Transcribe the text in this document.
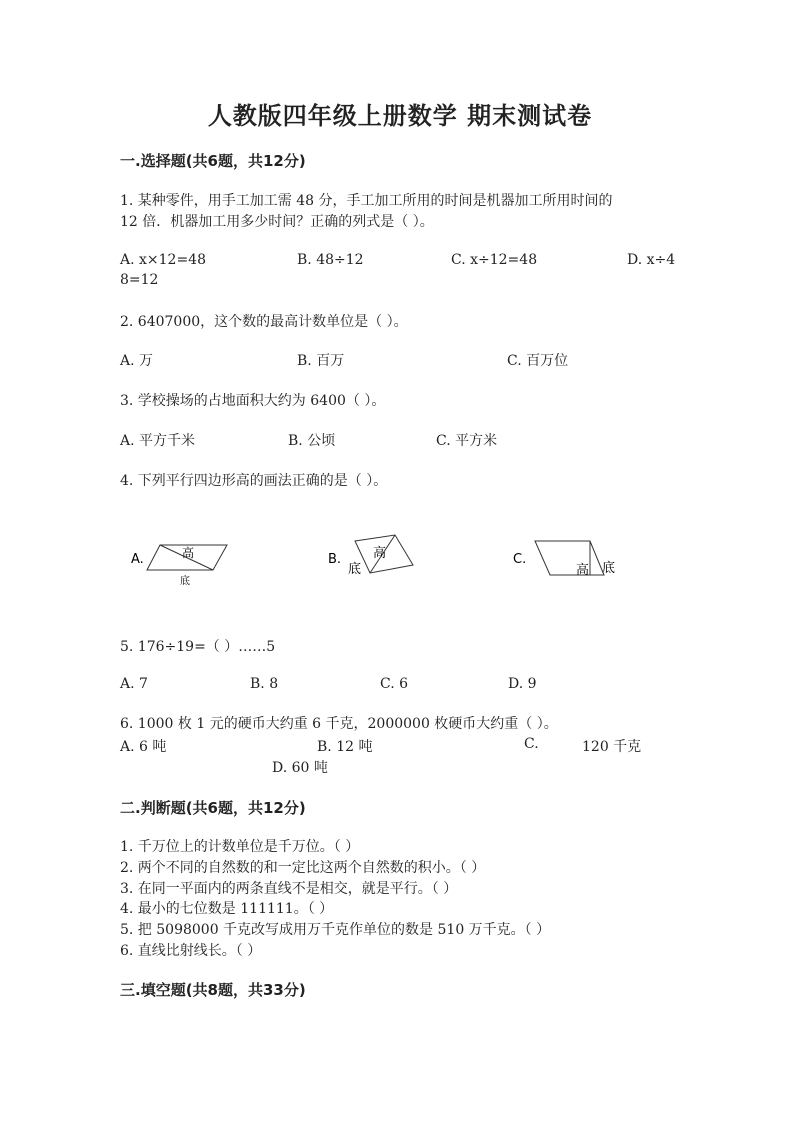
人教版四年级上册数学 期末测试卷
一.选择题(共6题，共12分)
1. 某种零件，用手工加工需 48 分，手工加工所用的时间是机器加工所用时间的
12 倍．机器加工用多少时间？正确的列式是（ ）。
A. x×12=48	B. 48÷12	C. x÷12=48	D. x÷4
8=12
2. 6407000，这个数的最高计数单位是（ ）。
A. 万	B. 百万	C. 百万位
3. 学校操场的占地面积大约为 6400（ ）。
A. 平方千米	B. 公顷	C. 平方米
4. 下列平行四边形高的画法正确的是（ ）。
A.	高
底
B. 高
底
C.
高 底
5. 176÷19=（ ）……5
A. 7	B. 8	C. 6	D. 9
6. 1000 枚 1 元的硬币大约重 6 千克，2000000 枚硬币大约重（ ）。
A. 6 吨	B. 12 吨	C.	120 千克
D. 60 吨
二.判断题(共6题，共12分)
1. 千万位上的计数单位是千万位。（ ）
2. 两个不同的自然数的和一定比这两个自然数的积小。（ ）
3. 在同一平面内的两条直线不是相交，就是平行。（ ）
4. 最小的七位数是 111111。（ ）
5. 把 5098000 千克改写成用万千克作单位的数是 510 万千克。（ ）
6. 直线比射线长。（ ）
三.填空题(共8题，共33分)
